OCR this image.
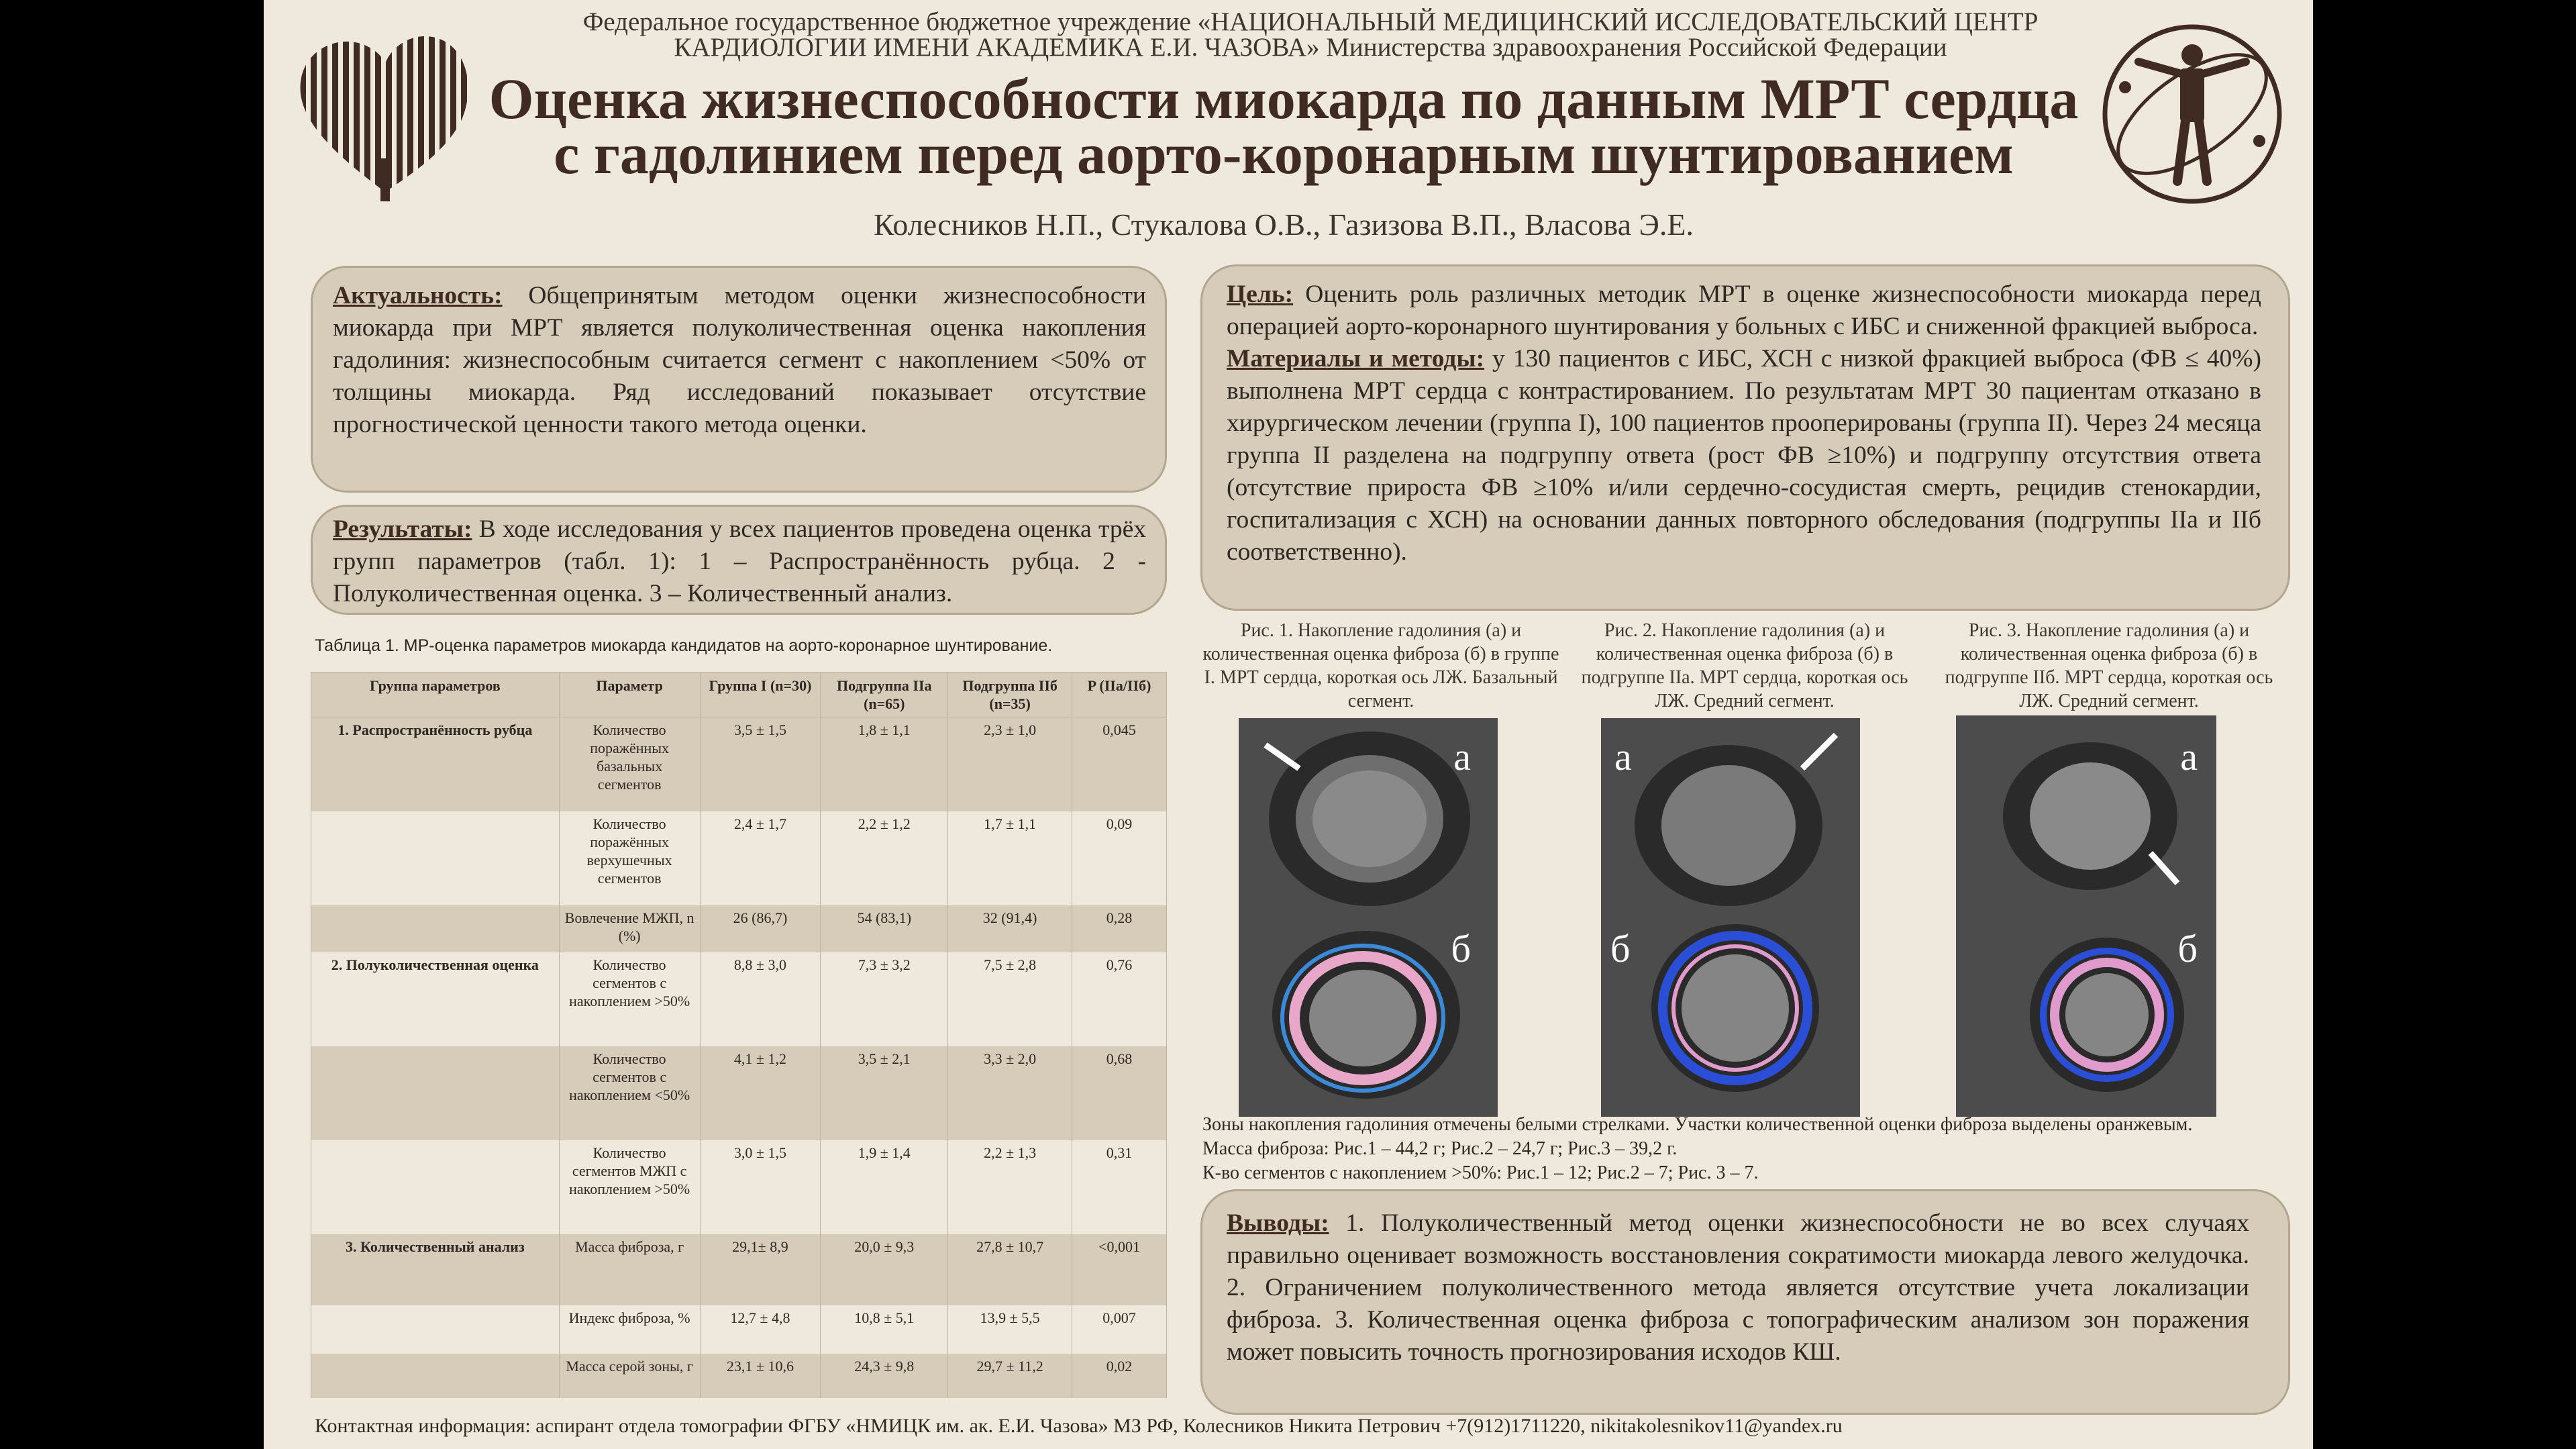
Федеральное государственное бюджетное учреждение «НАЦИОНАЛЬНЫЙ МЕДИЦИНСКИЙ ИССЛЕДОВАТЕЛЬСКИЙ ЦЕНТР
КАРДИОЛОГИИ ИМЕНИ АКАДЕМИКА Е.И. ЧАЗОВА» Министерства здравоохранения Российской Федерации
Оценка жизнеспособности миокарда по данным МРТ сердца
с гадолинием перед аорто-коронарным шунтированием
Колесников Н.П., Стукалова О.В., Газизова В.П., Власова Э.Е.
Актуальность: Общепринятым методом оценки жизнеспособности миокарда при МРТ является полуколичественная оценка накопления гадолиния: жизнеспособным считается сегмент с накоплением <50% от толщины миокарда. Ряд исследований показывает отсутствие прогностической ценности такого метода оценки.
Результаты: В ходе исследования у всех пациентов проведена оценка трёх групп параметров (табл. 1): 1 – Распространённость рубца. 2 - Полуколичественная оценка. 3 – Количественный анализ.
Таблица 1. МР-оценка параметров миокарда кандидатов на аорто-коронарное шунтирование.
Группа параметров	Параметр	Группа I (n=30)	Подгруппа IIа (n=65)	Подгруппа IIб (n=35)	P (IIа/IIб)
1. Распространённость рубца	Количество поражённых базальных сегментов	3,5 ± 1,5	1,8 ± 1,1	2,3 ± 1,0	0,045
	Количество поражённых верхушечных сегментов	2,4 ± 1,7	2,2 ± 1,2	1,7 ± 1,1	0,09
	Вовлечение МЖП, n (%)	26 (86,7)	54 (83,1)	32 (91,4)	0,28
2. Полуколичественная оценка	Количество сегментов с накоплением >50%	8,8 ± 3,0	7,3 ± 3,2	7,5 ± 2,8	0,76
	Количество сегментов с накоплением <50%	4,1 ± 1,2	3,5 ± 2,1	3,3 ± 2,0	0,68
	Количество сегментов МЖП с накоплением >50%	3,0 ± 1,5	1,9 ± 1,4	2,2 ± 1,3	0,31
3. Количественный анализ	Масса фиброза, г	29,1± 8,9	20,0 ± 9,3	27,8 ± 10,7	<0,001
	Индекс фиброза, %	12,7 ± 4,8	10,8 ± 5,1	13,9 ± 5,5	0,007
	Масса серой зоны, г	23,1 ± 10,6	24,3 ± 9,8	29,7 ± 11,2	0,02
Цель: Оценить роль различных методик МРТ в оценке жизнеспособности миокарда перед операцией аорто-коронарного шунтирования у больных с ИБС и сниженной фракцией выброса.
Материалы и методы: у 130 пациентов с ИБС, ХСН с низкой фракцией выброса (ФВ ≤ 40%) выполнена МРТ сердца с контрастированием. По результатам МРТ 30 пациентам отказано в хирургическом лечении (группа I), 100 пациентов прооперированы (группа II). Через 24 месяца группа II разделена на подгруппу ответа (рост ФВ ≥10%) и подгруппу отсутствия ответа (отсутствие прироста ФВ ≥10% и/или сердечно-сосудистая смерть, рецидив стенокардии, госпитализация с ХСН) на основании данных повторного обследования (подгруппы IIа и IIб соответственно).
Рис. 1. Накопление гадолиния (а) и количественная оценка фиброза (б) в группе I. МРТ сердца, короткая ось ЛЖ. Базальный сегмент.
Рис. 2. Накопление гадолиния (а) и количественная оценка фиброза (б) в подгруппе IIа. МРТ сердца, короткая ось ЛЖ. Средний сегмент.
Рис. 3. Накопление гадолиния (а) и количественная оценка фиброза (б) в подгруппе IIб. МРТ сердца, короткая ось ЛЖ. Средний сегмент.
а
б
а
б
а
б
Зоны накопления гадолиния отмечены белыми стрелками. Участки количественной оценки фиброза выделены оранжевым.
Масса фиброза: Рис.1 – 44,2 г; Рис.2 – 24,7 г; Рис.3 – 39,2 г.
К-во сегментов с накоплением >50%: Рис.1 – 12; Рис.2 – 7; Рис. 3 – 7.
Выводы: 1. Полуколичественный метод оценки жизнеспособности не во всех случаях правильно оценивает возможность восстановления сократимости миокарда левого желудочка. 2. Ограничением полуколичественного метода является отсутствие учета локализации фиброза. 3. Количественная оценка фиброза с топографическим анализом зон поражения может повысить точность прогнозирования исходов КШ.
Контактная информация: аспирант отдела томографии ФГБУ «НМИЦК им. ак. Е.И. Чазова» МЗ РФ, Колесников Никита Петрович +7(912)1711220, nikitakolesnikov11@yandex.ru
